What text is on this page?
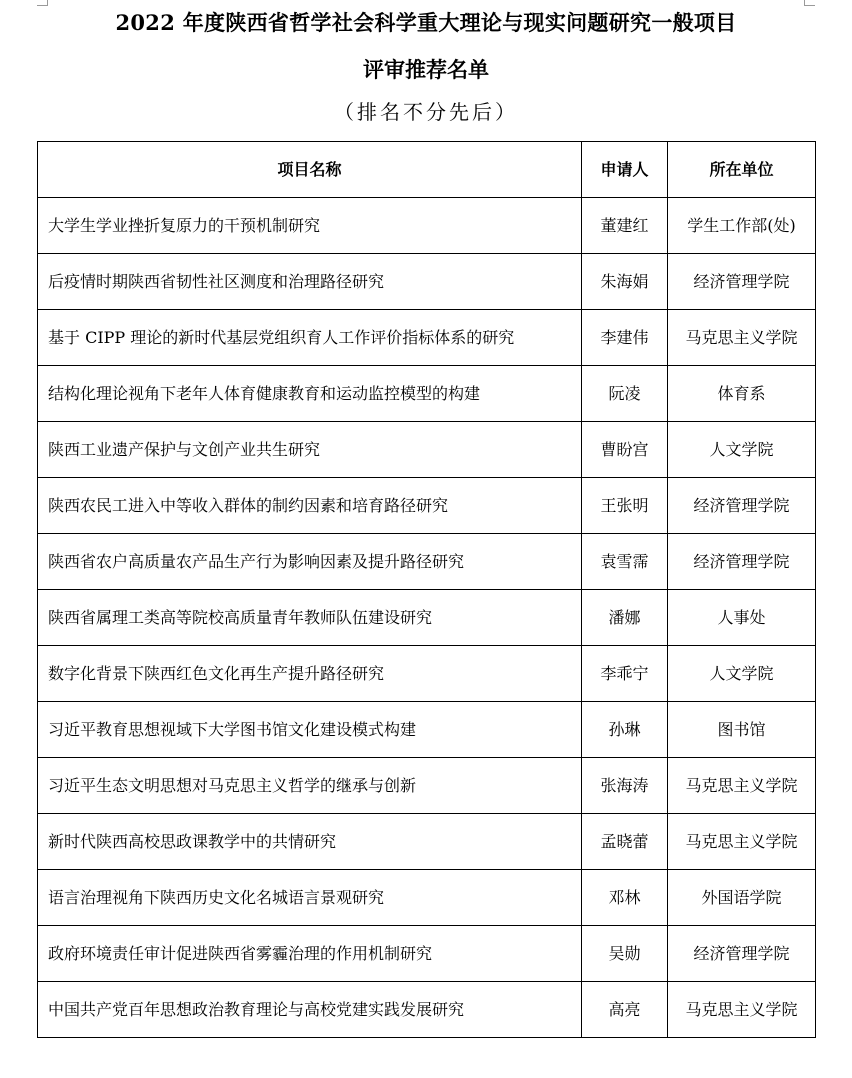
2022 年度陕西省哲学社会科学重大理论与现实问题研究一般项目
评审推荐名单
（排名不分先后）
项目名称	申请人	所在单位
大学生学业挫折复原力的干预机制研究	董建红	学生工作部(处)
后疫情时期陕西省韧性社区测度和治理路径研究	朱海娟	经济管理学院
基于 CIPP 理论的新时代基层党组织育人工作评价指标体系的研究	李建伟	马克思主义学院
结构化理论视角下老年人体育健康教育和运动监控模型的构建	阮凌	体育系
陕西工业遗产保护与文创产业共生研究	曹盼宫	人文学院
陕西农民工进入中等收入群体的制约因素和培育路径研究	王张明	经济管理学院
陕西省农户高质量农产品生产行为影响因素及提升路径研究	袁雪霈	经济管理学院
陕西省属理工类高等院校高质量青年教师队伍建设研究	潘娜	人事处
数字化背景下陕西红色文化再生产提升路径研究	李乖宁	人文学院
习近平教育思想视域下大学图书馆文化建设模式构建	孙琳	图书馆
习近平生态文明思想对马克思主义哲学的继承与创新	张海涛	马克思主义学院
新时代陕西高校思政课教学中的共情研究	孟晓蕾	马克思主义学院
语言治理视角下陕西历史文化名城语言景观研究	邓林	外国语学院
政府环境责任审计促进陕西省雾霾治理的作用机制研究	吴勋	经济管理学院
中国共产党百年思想政治教育理论与高校党建实践发展研究	高亮	马克思主义学院
